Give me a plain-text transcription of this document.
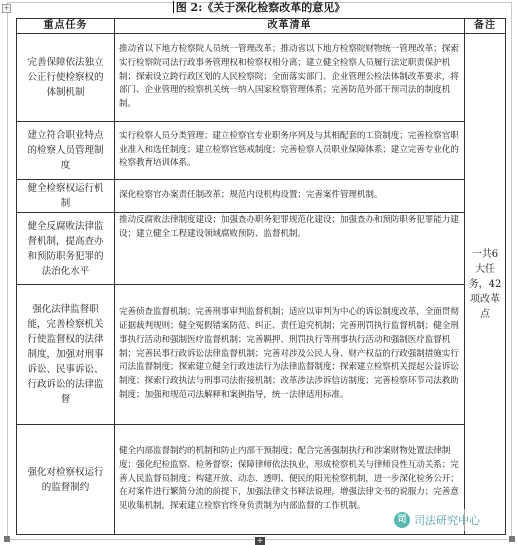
+	图 2:《关于深化检察改革的意见》
重点任务	改革清单	备注
完善保障依法独立公正行使检察权的体制机制	推动省以下地方检察院人员统一管理改革；推动省以下地方检察院财物统一管理改革；探索实行检察院司法行政事务管理权和检察权相分离；建立健全检察人员履行法定职责保护机制；探索设立跨行政区划的人民检察院；全面落实部门、企业管理公检法体制改革要求，将部门、企业管理的检察机关统一纳入国家检察管理体系；完善防范外部干预司法的制度机制。	一共6大任务，42项改革点
建立符合职业特点的检察人员管理制度	实行检察人员分类管理；建立检察官专业职务序列及与其相配套的工资制度；完善检察官职业准入和选任制度；建立检察官惩戒制度；完善检察人员职业保障体系；建立完善专业化的检察教育培训体系。	
健全检察权运行机制	深化检察官办案责任制改革；规范内设机构设置；完善案件管理机制。	
健全反腐败法律监督机制，提高查办和预防职务犯罪的法治化水平	推动反腐败法律制度建设；加强查办职务犯罪规范化建设；加强查办和预防职务犯罪能力建设；建立健全工程建设领域腐败预防、监督机制。	
强化法律监督职能，完善检察机关行使监督权的法律制度，加强对刑事诉讼、民事诉讼、行政诉讼的法律监督	完善侦查监督机制；完善刑事审判监督机制；适应以审判为中心的诉讼制度改革，全面贯彻证据裁判规则；健全冤假错案防范、纠正、责任追究机制；完善刑罚执行监督机制；健全刑事执行活动和强制医疗监督机制；完善羁押、刑罚执行等刑事执行活动和强制医疗监督机制；完善民事行政诉讼法律监督机制；完善对涉及公民人身、财产权益的行政强制措施实行司法监督制度；探索建立健全行政违法行为法律监督制度；探索建立检察机关提起公益诉讼制度；探索行政执法与刑事司法衔接机制；改革涉法涉诉信访制度；完善检察环节司法救助制度；加强和规范司法解释和案例指导，统一法律适用标准。	
强化对检察权运行的监督制约	健全内部监督制约的机制和防止内部干预制度；配合完善强制执行和涉案财物处置法律制度；强化纪检监察、检务督察；保障律师依法执业，形成检察机关与律师良性互动关系；完善人民监督员制度；构建开放、动态、透明、便民的阳光检察机制，进一步深化检务公开；在对案件进行繁简分流的前提下，加强法律文书释法说理，增强法律文书的说服力；完善意见收集机制，探索建立检察官终身负责制为内部监督的工作机制。	
司 司法研究中心
+
